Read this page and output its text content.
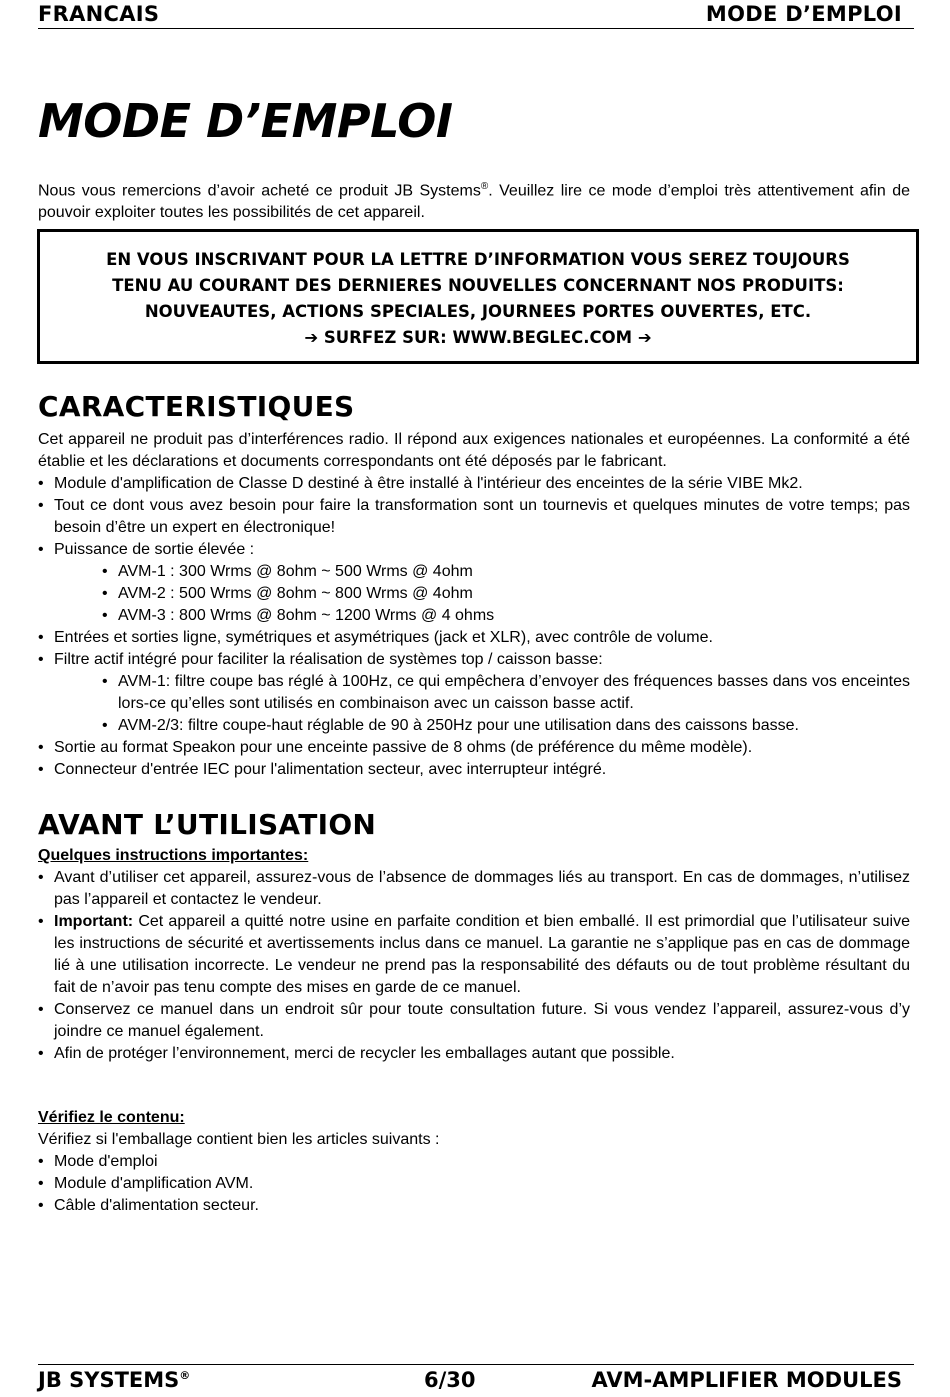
FRANCAIS	MODE D’EMPLOI
MODE D’EMPLOI

Nous vous remercions d’avoir acheté ce produit JB Systems®. Veuillez lire ce mode d’emploi très attentivement afin de pouvoir exploiter toutes les possibilités de cet appareil.

EN VOUS INSCRIVANT POUR LA LETTRE D’INFORMATION VOUS SEREZ TOUJOURS
TENU AU COURANT DES DERNIERES NOUVELLES CONCERNANT NOS PRODUITS:
NOUVEAUTES, ACTIONS SPECIALES, JOURNEES PORTES OUVERTES, ETC.
➔ SURFEZ SUR: WWW.BEGLEC.COM ➔
CARACTERISTIQUES

Cet appareil ne produit pas d’interférences radio. Il répond aux exigences nationales et européennes. La conformité a été établie et les déclarations et documents correspondants ont été déposés par le fabricant.

• Module d'amplification de Classe D destiné à être installé à l'intérieur des enceintes de la série VIBE Mk2.
• Tout ce dont vous avez besoin pour faire la transformation sont un tournevis et quelques minutes de votre temps; pas besoin d’être un expert en électronique!
• Puissance de sortie élevée :
• AVM-1 : 300 Wrms @ 8ohm ~ 500 Wrms @ 4ohm
• AVM-2 : 500 Wrms @ 8ohm ~ 800 Wrms @ 4ohm
• AVM-3 : 800 Wrms @ 8ohm ~ 1200 Wrms @ 4 ohms
• Entrées et sorties ligne, symétriques et asymétriques (jack et XLR), avec contrôle de volume.
• Filtre actif intégré pour faciliter la réalisation de systèmes top / caisson basse:
• AVM-1: filtre coupe bas réglé à 100Hz, ce qui empêchera d’envoyer des fréquences basses dans vos enceintes lors-ce qu’elles sont utilisés en combinaison avec un caisson basse actif.
• AVM-2/3: filtre coupe-haut réglable de 90 à 250Hz pour une utilisation dans des caissons basse.
• Sortie au format Speakon pour une enceinte passive de 8 ohms (de préférence du même modèle).
• Connecteur d'entrée IEC pour l'alimentation secteur, avec interrupteur intégré.
AVANT L’UTILISATION
Quelques instructions importantes:
• Avant d’utiliser cet appareil, assurez-vous de l’absence de dommages liés au transport. En cas de dommages, n’utilisez pas l’appareil et contactez le vendeur.
• Important: Cet appareil a quitté notre usine en parfaite condition et bien emballé. Il est primordial que l’utilisateur suive les instructions de sécurité et avertissements inclus dans ce manuel. La garantie ne s’applique pas en cas de dommage lié à une utilisation incorrecte. Le vendeur ne prend pas la responsabilité des défauts ou de tout problème résultant du fait de n’avoir pas tenu compte des mises en garde de ce manuel.
• Conservez ce manuel dans un endroit sûr pour toute consultation future. Si vous vendez l’appareil, assurez-vous d’y joindre ce manuel également.
• Afin de protéger l’environnement, merci de recycler les emballages autant que possible.
Vérifiez le contenu:

Vérifiez si l'emballage contient bien les articles suivants :

• Mode d'emploi
• Module d'amplification AVM.
• Câble d'alimentation secteur.
JB SYSTEMS®	6/30	AVM-AMPLIFIER MODULES
